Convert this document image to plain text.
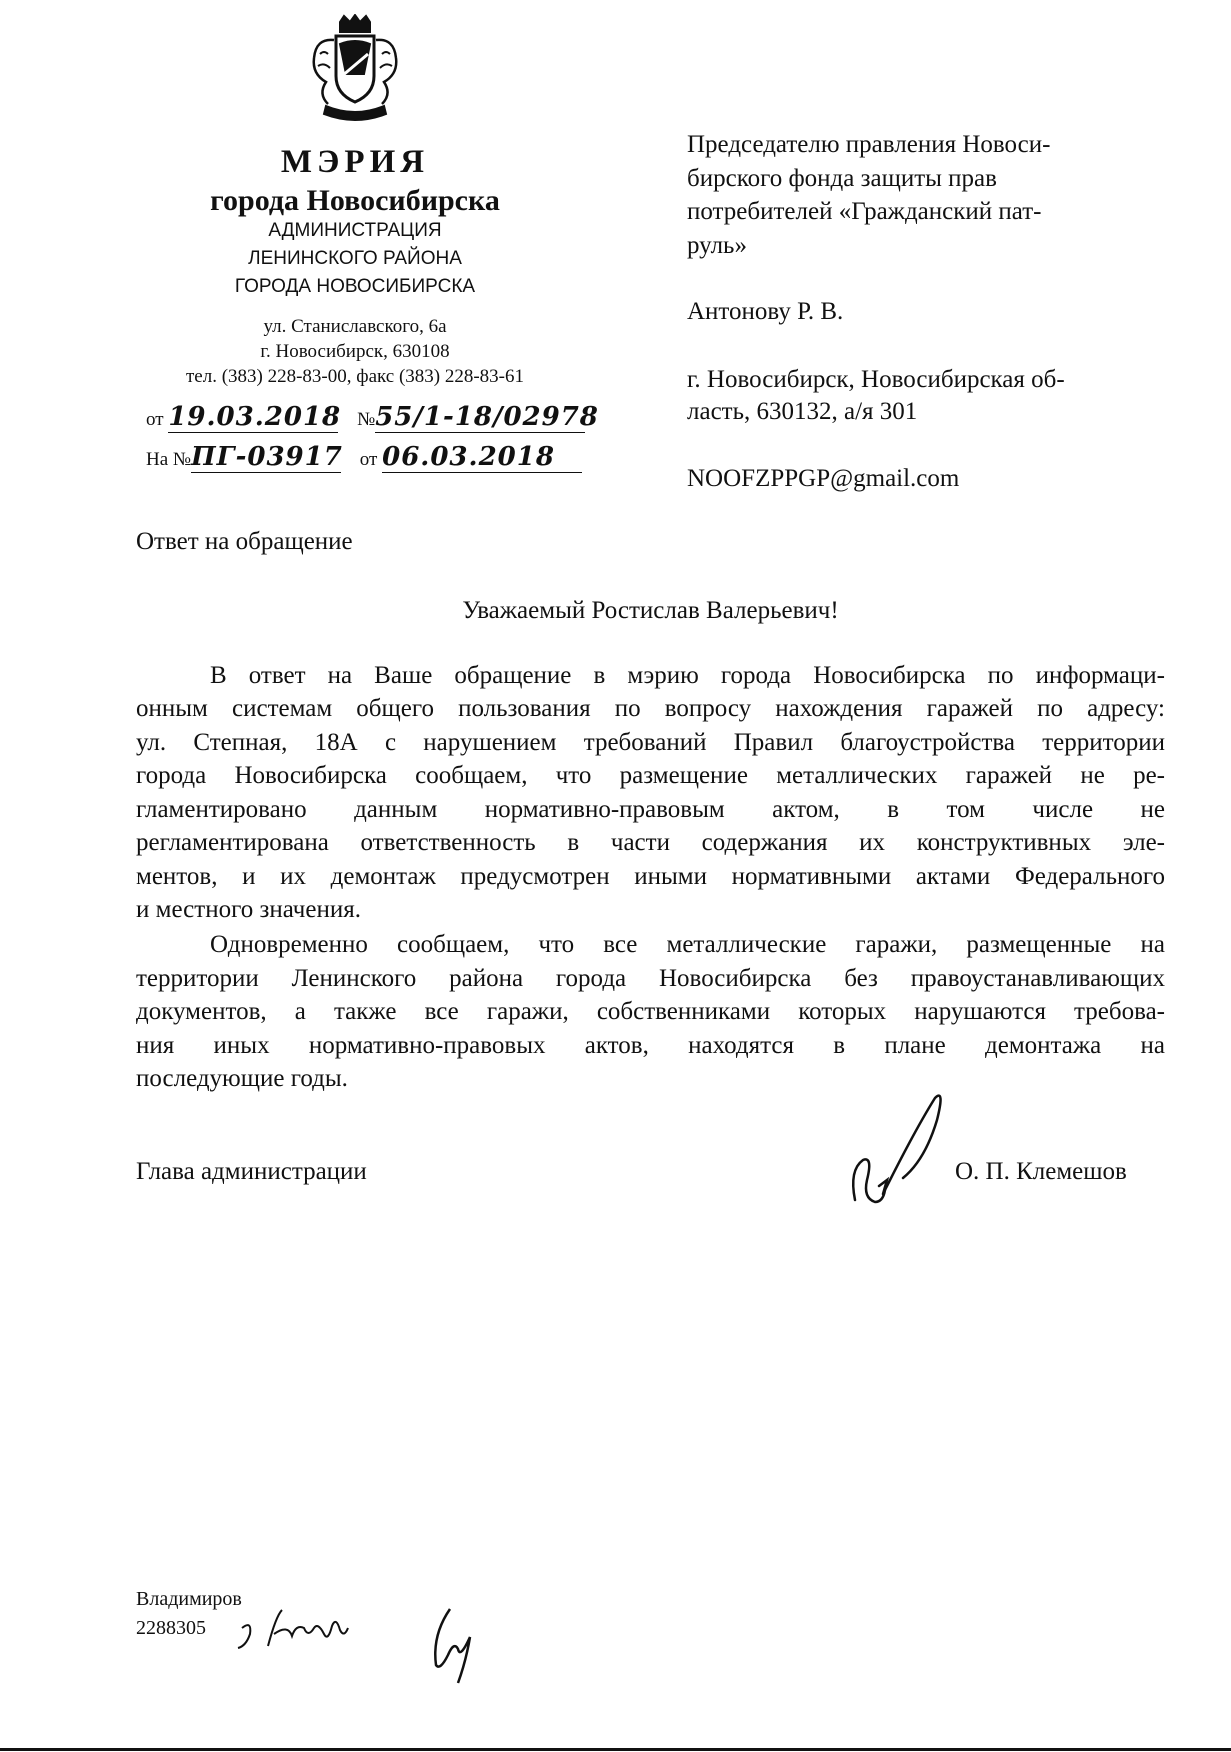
МЭРИЯ
города Новосибирска
АДМИНИСТРАЦИЯ
ЛЕНИНСКОГО РАЙОНА
ГОРОДА НОВОСИБИРСКА
ул. Станиславского, 6а
г. Новосибирск, 630108
тел. (383) 228-83-00, факс (383) 228-83-61
от 19.03.2018 №55/1-18/02978
На №ПГ-03917 от 06.03.2018
Председателю правления Новоси-
бирского фонда защиты прав
потребителей «Гражданский пат-
руль»
Антонову Р. В.
г. Новосибирск, Новосибирская об-
ласть, 630132, а/я 301
NOOFZPPGP@gmail.com
Ответ на обращение
Уважаемый Ростислав Валерьевич!
В ответ на Ваше обращение в мэрию города Новосибирска по информаци-
онным системам общего пользования по вопросу нахождения гаражей по адресу:
ул. Степная, 18А с нарушением требований Правил благоустройства территории
города Новосибирска сообщаем, что размещение металлических гаражей не ре-
гламентировано данным нормативно-правовым актом, в том числе не
регламентирована ответственность в части содержания их конструктивных эле-
ментов, и их демонтаж предусмотрен иными нормативными актами Федерального
и местного значения.
Одновременно сообщаем, что все металлические гаражи, размещенные на
территории Ленинского района города Новосибирска без правоустанавливающих
документов, а также все гаражи, собственниками которых нарушаются требова-
ния иных нормативно-правовых актов, находятся в плане демонтажа на
последующие годы.
Глава администрации	О. П. Клемешов
Владимиров
2288305
